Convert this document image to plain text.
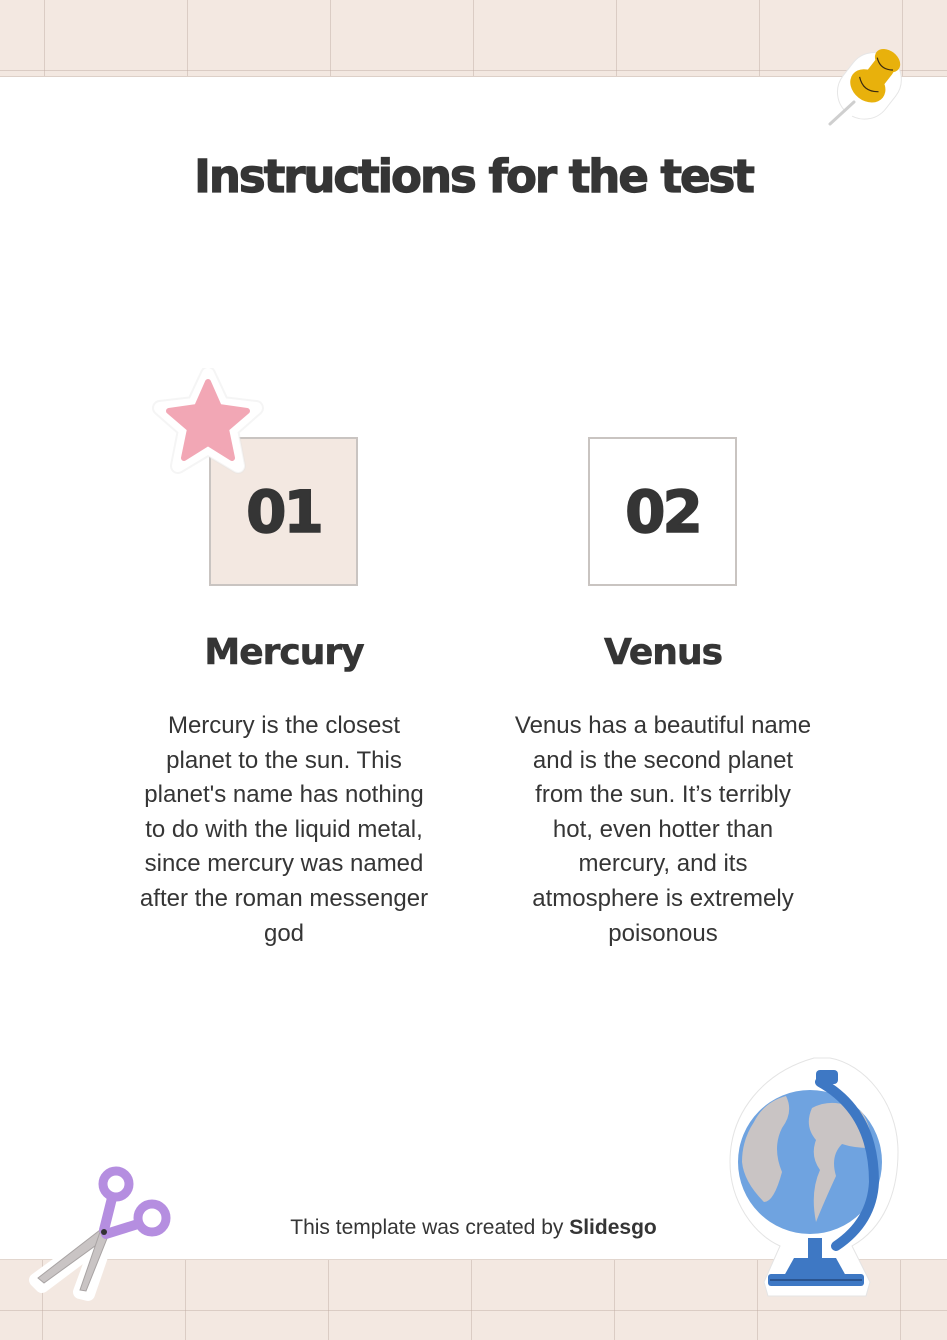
Instructions for the test
01
Mercury

Mercury is the closest planet to the sun. This planet's name has nothing to do with the liquid metal, since mercury was named after the roman messenger god

02
Venus

Venus has a beautiful name and is the second planet from the sun. It’s terribly hot, even hotter than mercury, and its atmosphere is extremely poisonous

This template was created by Slidesgo
